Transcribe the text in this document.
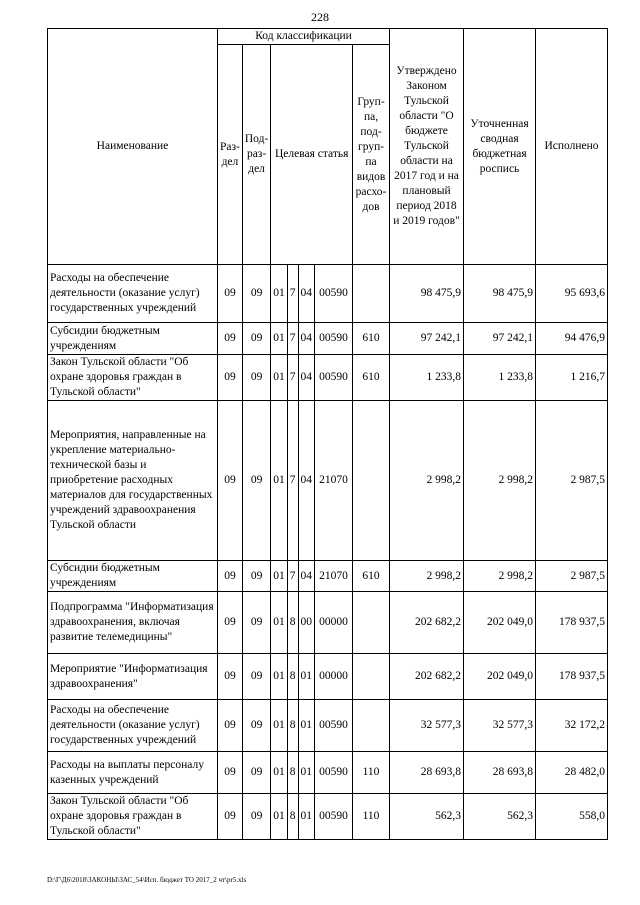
228
Наименование	Код классификации							Утверждено Законом Тульской области "О бюджете Тульской области на 2017 год и на плановый период 2018 и 2019 годов"	Уточненная сводная бюджетная роспись	Исполнено
	Раз-дел	Под-раз-дел	Целевая статья				Груп-па, под-груп-па видов расхо-дов			
Расходы на обеспечение деятельности (оказание услуг) государственных учреждений	09	09	01	7	04	00590		98 475,9	98 475,9	95 693,6
Субсидии бюджетным учреждениям	09	09	01	7	04	00590	610	97 242,1	97 242,1	94 476,9
Закон Тульской области "Об охране здоровья граждан в Тульской области"	09	09	01	7	04	00590	610	1 233,8	1 233,8	1 216,7
Мероприятия, направленные на укрепление материально-технической базы и приобретение расходных материалов для государственных учреждений здравоохранения Тульской области	09	09	01	7	04	21070		2 998,2	2 998,2	2 987,5
Субсидии бюджетным учреждениям	09	09	01	7	04	21070	610	2 998,2	2 998,2	2 987,5
Подпрограмма "Информатизация здравоохранения, включая развитие телемедицины"	09	09	01	8	00	00000		202 682,2	202 049,0	178 937,5
Мероприятие "Информатизация здравоохранения"	09	09	01	8	01	00000		202 682,2	202 049,0	178 937,5
Расходы на обеспечение деятельности (оказание услуг) государственных учреждений	09	09	01	8	01	00590		32 577,3	32 577,3	32 172,2
Расходы на выплаты персоналу казенных учреждений	09	09	01	8	01	00590	110	28 693,8	28 693,8	28 482,0
Закон Тульской области "Об охране здоровья граждан в Тульской области"	09	09	01	8	01	00590	110	562,3	562,3	558,0
D:\Г\Д6\2018\ЗАКОНЫ\ЗАС_54\Исп. бюджет ТО 2017_2 чт\pr5.xls
